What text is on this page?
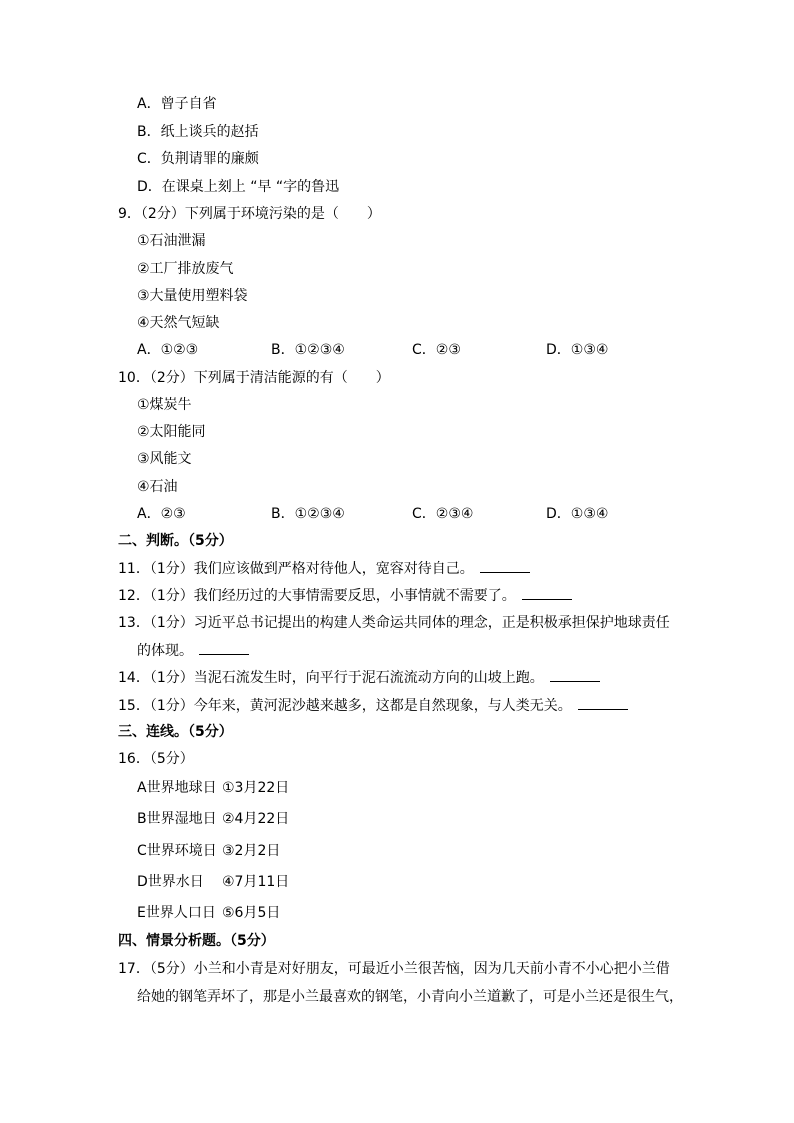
A．曾子自省
B．纸上谈兵的赵括
C．负荆请罪的廉颇
D．在课桌上刻上 “早 “字的鲁迅
9．（2分）下列属于环境污染的是（　　）
①石油泄漏
②工厂排放废气
③大量使用塑料袋
④天然气短缺
A．①②③	B．①②③④	C．②③	D．①③④
10．（2分）下列属于清洁能源的有（　　）
①煤炭牛
②太阳能同
③风能文
④石油
A．②③	B．①②③④	C．②③④	D．①③④
二、判断。（5分）
11．（1分）我们应该做到严格对待他人，宽容对待自己。
12．（1分）我们经历过的大事情需要反思，小事情就不需要了。
13．（1分）习近平总书记提出的构建人类命运共同体的理念，正是积极承担保护地球责任
的体现。
14．（1分）当泥石流发生时，向平行于泥石流流动方向的山坡上跑。
15．（1分）今年来，黄河泥沙越来越多，这都是自然现象，与人类无关。
三、连线。（5分）
16．（5分）
A世界地球日 ①3月22日
B世界湿地日 ②4月22日
C世界环境日 ③2月2日
D世界水日 ④7月11日
E世界人口日 ⑤6月5日
四、情景分析题。（5分）
17．（5分）小兰和小青是对好朋友，可最近小兰很苦恼，因为几天前小青不小心把小兰借
给她的钢笔弄坏了，那是小兰最喜欢的钢笔，小青向小兰道歉了，可是小兰还是很生气，
